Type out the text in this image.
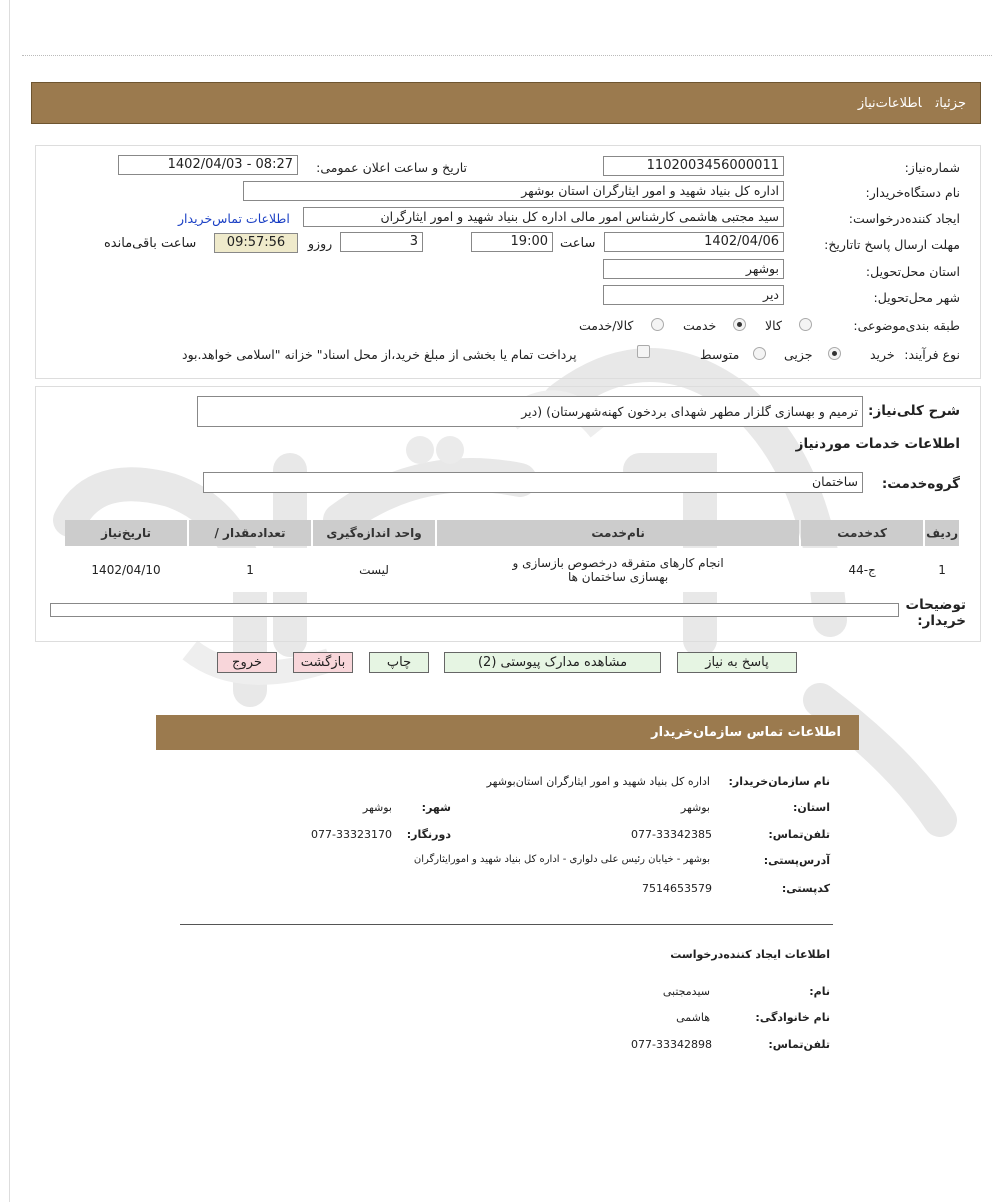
جزئیاتاطلاعات‌نیاز
شماره‌نیاز:
1102003456000011
تاریخ و ساعت اعلان عمومی:
1402/04/03 - 08:27
نام دستگاه‌خریدار:
اداره کل بنیاد شهید و امور ایثارگران استان بوشهر
ایجاد کننده‌درخواست:
سید مجتبی هاشمی کارشناس امور مالی اداره کل بنیاد شهید و امور ایثارگران
اطلاعات تماس‌خریدار
مهلت ارسال پاسخ تا‌تاریخ:
1402/04/06
ساعت
19:00
3
روزو
09:57:56
ساعت باقی‌مانده
استان محل‌تحویل:
بوشهر
شهر محل‌تحویل:
دیر
طبقه بندی‌موضوعی:
کالا
خدمت
کالا/خدمت
نوع فرآیند:
خرید
جزیی
متوسط
پرداخت تمام یا بخشی از مبلغ خرید،از محل اسناد" خزانه "اسلامی خواهد.بود
شرح کلی‌نیاز:
ترمیم و بهسازی گلزار مطهر شهدای بردخون کهنه‌شهرستان) (دیر
اطلاعات خدمات موردنیاز
گروه‌خدمت:
ساختمان
ردیف	کدخدمت	نام‌خدمت	واحد اندازه‌گیری	تعداد‌مقدار /	تاریخ‌نیاز
1	ج-44	انجام کارهای متفرقه درخصوص بازسازی و بهسازی ساختمان ها	لیست	1	1402/04/10
توضیحات خریدار:
پاسخ به نیاز
مشاهده مدارک پیوستی (2)
چاپ
بازگشت
خروج
اطلاعات تماس سازمان‌خریدار
نام سازمان‌خریدار:
اداره کل بنیاد شهید و امور ایثارگران استان‌بوشهر
استان:
بوشهر
شهر:
بوشهر
تلفن‌تماس:
077-33342385
دورنگار:
077-33323170
آدرس‌پستی:
بوشهر - خیابان رئیس علی دلواری - اداره کل بنیاد شهید و امورایثارگران
کد‌پستی:
7514653579
اطلاعات ایجاد کننده‌درخواست
نام:
سیدمجتبی
نام خانوادگی:
هاشمی
تلفن‌تماس:
077-33342898
